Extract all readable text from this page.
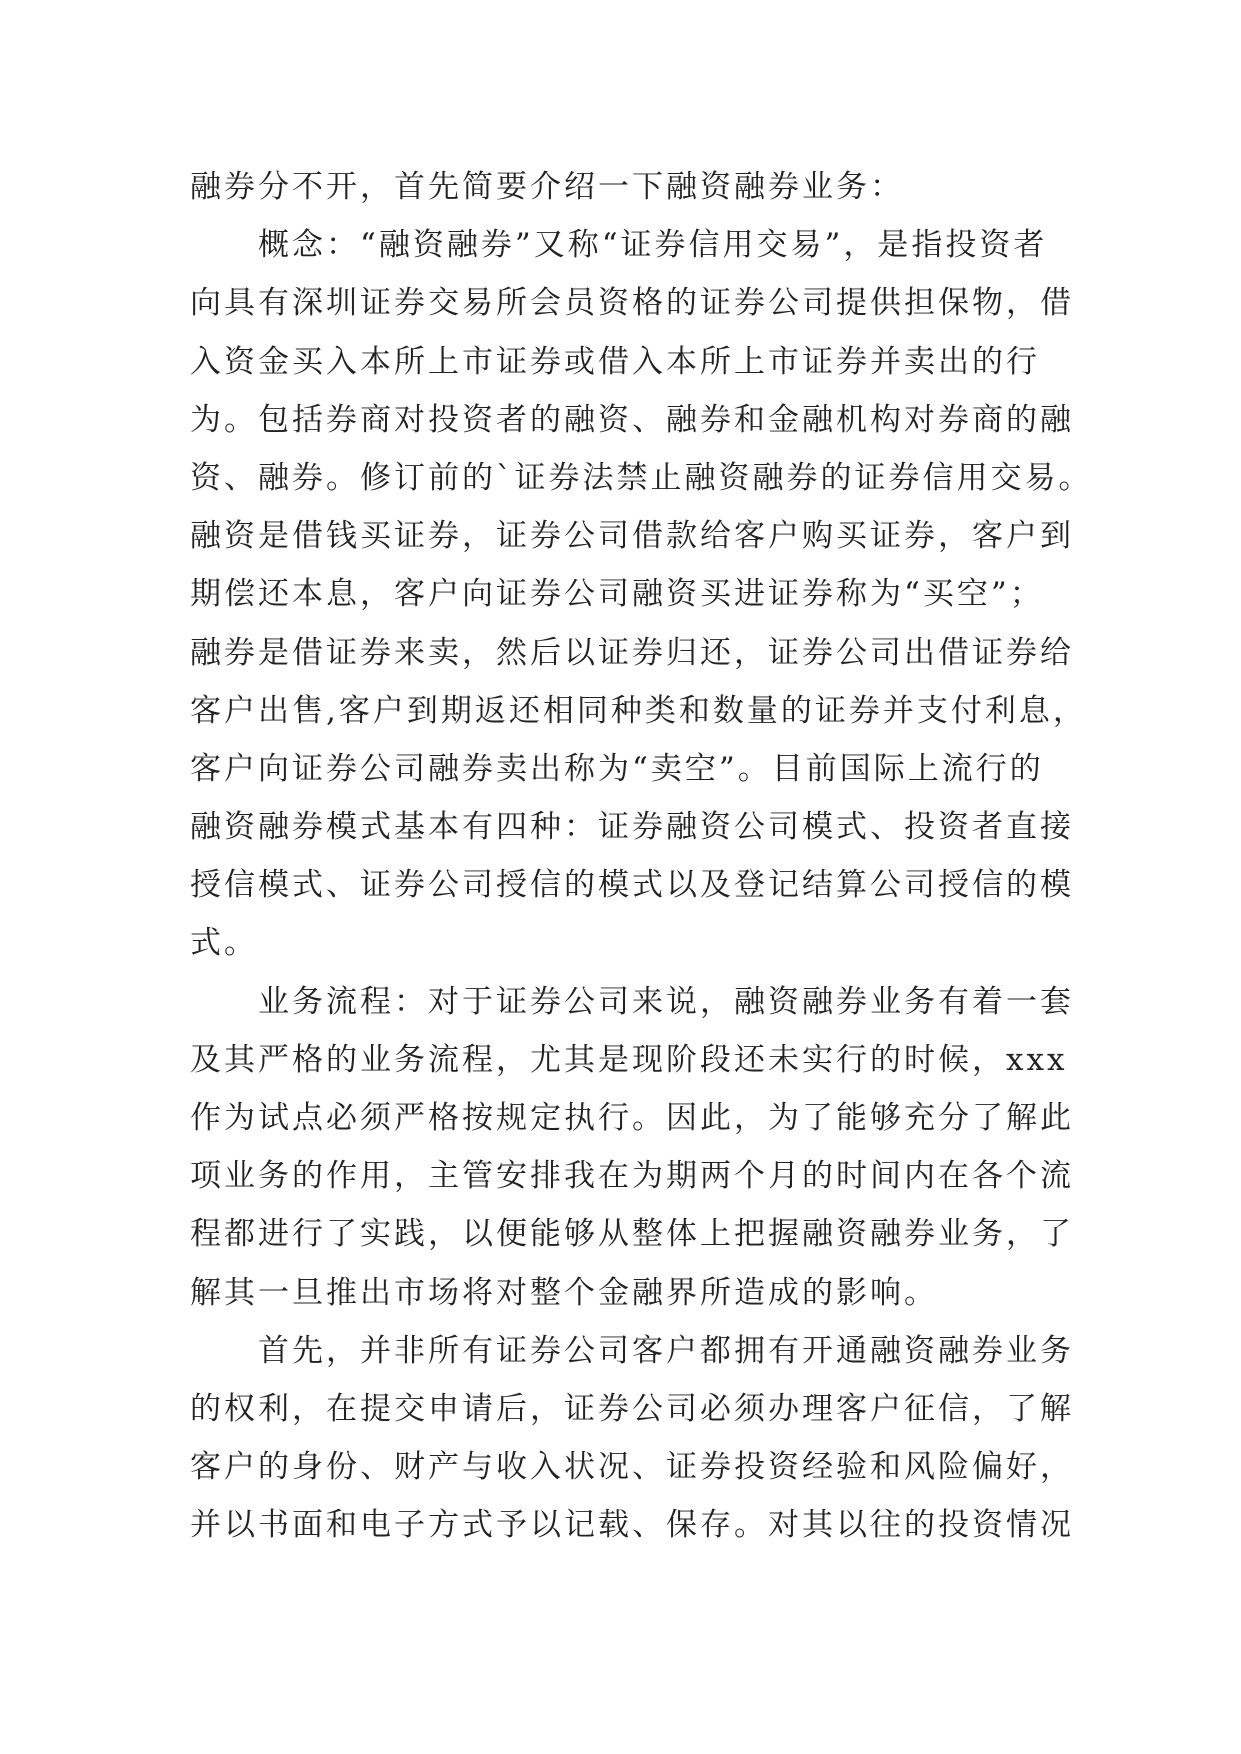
融券分不开，首先简要介绍一下融资融券业务：
　　概念：“融资融券”又称“证券信用交易”，是指投资者
向具有深圳证券交易所会员资格的证券公司提供担保物，借
入资金买入本所上市证券或借入本所上市证券并卖出的行
为。包括券商对投资者的融资、融券和金融机构对券商的融
资、融券。修订前的`证券法禁止融资融券的证券信用交易。
融资是借钱买证券，证券公司借款给客户购买证券，客户到
期偿还本息，客户向证券公司融资买进证券称为“买空”；
融券是借证券来卖，然后以证券归还，证券公司出借证券给
客户出售,客户到期返还相同种类和数量的证券并支付利息，
客户向证券公司融券卖出称为“卖空”。目前国际上流行的
融资融券模式基本有四种：证券融资公司模式、投资者直接
授信模式、证券公司授信的模式以及登记结算公司授信的模
式。
　　业务流程：对于证券公司来说，融资融券业务有着一套
及其严格的业务流程，尤其是现阶段还未实行的时候，xxx
作为试点必须严格按规定执行。因此，为了能够充分了解此
项业务的作用，主管安排我在为期两个月的时间内在各个流
程都进行了实践，以便能够从整体上把握融资融券业务，了
解其一旦推出市场将对整个金融界所造成的影响。
　　首先，并非所有证券公司客户都拥有开通融资融券业务
的权利，在提交申请后，证券公司必须办理客户征信，了解
客户的身份、财产与收入状况、证券投资经验和风险偏好，
并以书面和电子方式予以记载、保存。对其以往的投资情况
